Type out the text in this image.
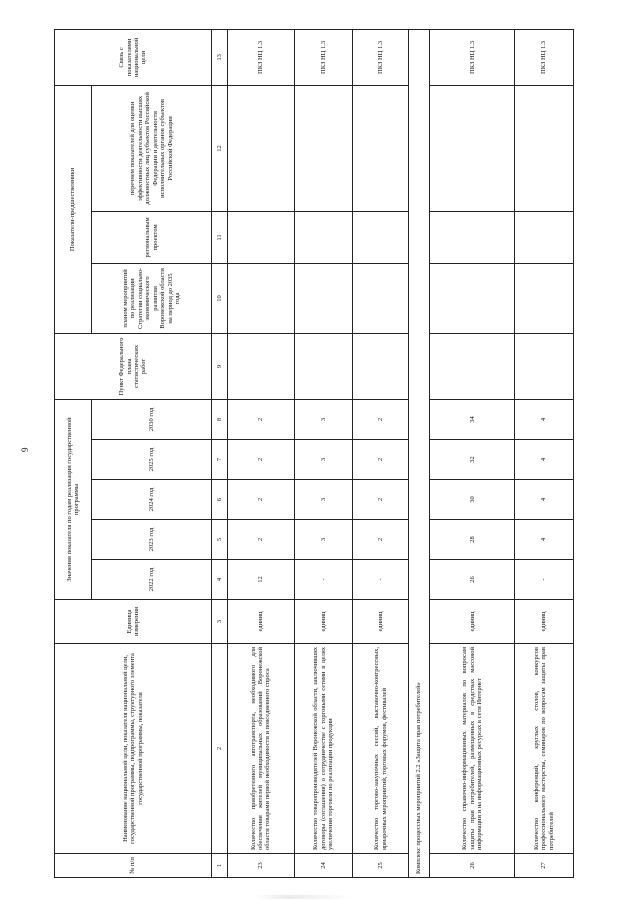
9
№ п/п	Наименование национальной цели, показателя национальной цели, государственной программы, подпрограммы, структурного элемента государственной программы, показателя	Единица измерения	Значения показателя по годам реализации государственной программы					Пункт Федерального плана статистических работ	Показатели-предшественники			Связь с показателями национальной цели
			2022 год	2023 год	2024 год	2025 год	2030 год		планом мероприятий по реализации Стратегии социально-экономического развития Воронежской области на период до 2035 года	региональным проектом	перечнем показателей для оценки эффективности деятельности высших должностных лиц субъектов Российской Федерации и деятельности исполнительных органов субъектов Российской Федерации	

1	2	3	4	5	6	7	8	9	10	11	12	13
23	Количество приобретенного автотранспорта, необходимого для обеспечения жителей муниципальных образований Воронежской области товарами первой необходимости и повседневного спроса	единиц	12	2	2	2	2					ПКЗ НЦ 1.3
24	Количество товаропроизводителей Воронежской области, заключивших договоры (соглашения) о сотрудничестве с торговыми сетями в целях увеличения торговли по реализации продукции	единиц	-	3	3	3	3					ПКЗ НЦ 1.3
25	Количество торгово-закупочных сессий, выставочно-конгрессных, ярмарочных мероприятий, торговых форумов, фестивалей	единиц	-	2	2	2	2					ПКЗ НЦ 1.3
Комплекс процессных мероприятий 2.2 «Защита прав потребителей»												
26	Количество справочно-информационных материалов по вопросам защиты прав потребителей, размещенных в средствах массовой информации и на информационных ресурсах в сети Интернет	единиц	26	28	30	32	34					ПКЗ НЦ 1.3
27	Количество конференций, круглых столов, конкурсов профессионального мастерства, семинаров по вопросам защиты прав потребителей	единиц	-	4	4	4	4					ПКЗ НЦ 1.3
